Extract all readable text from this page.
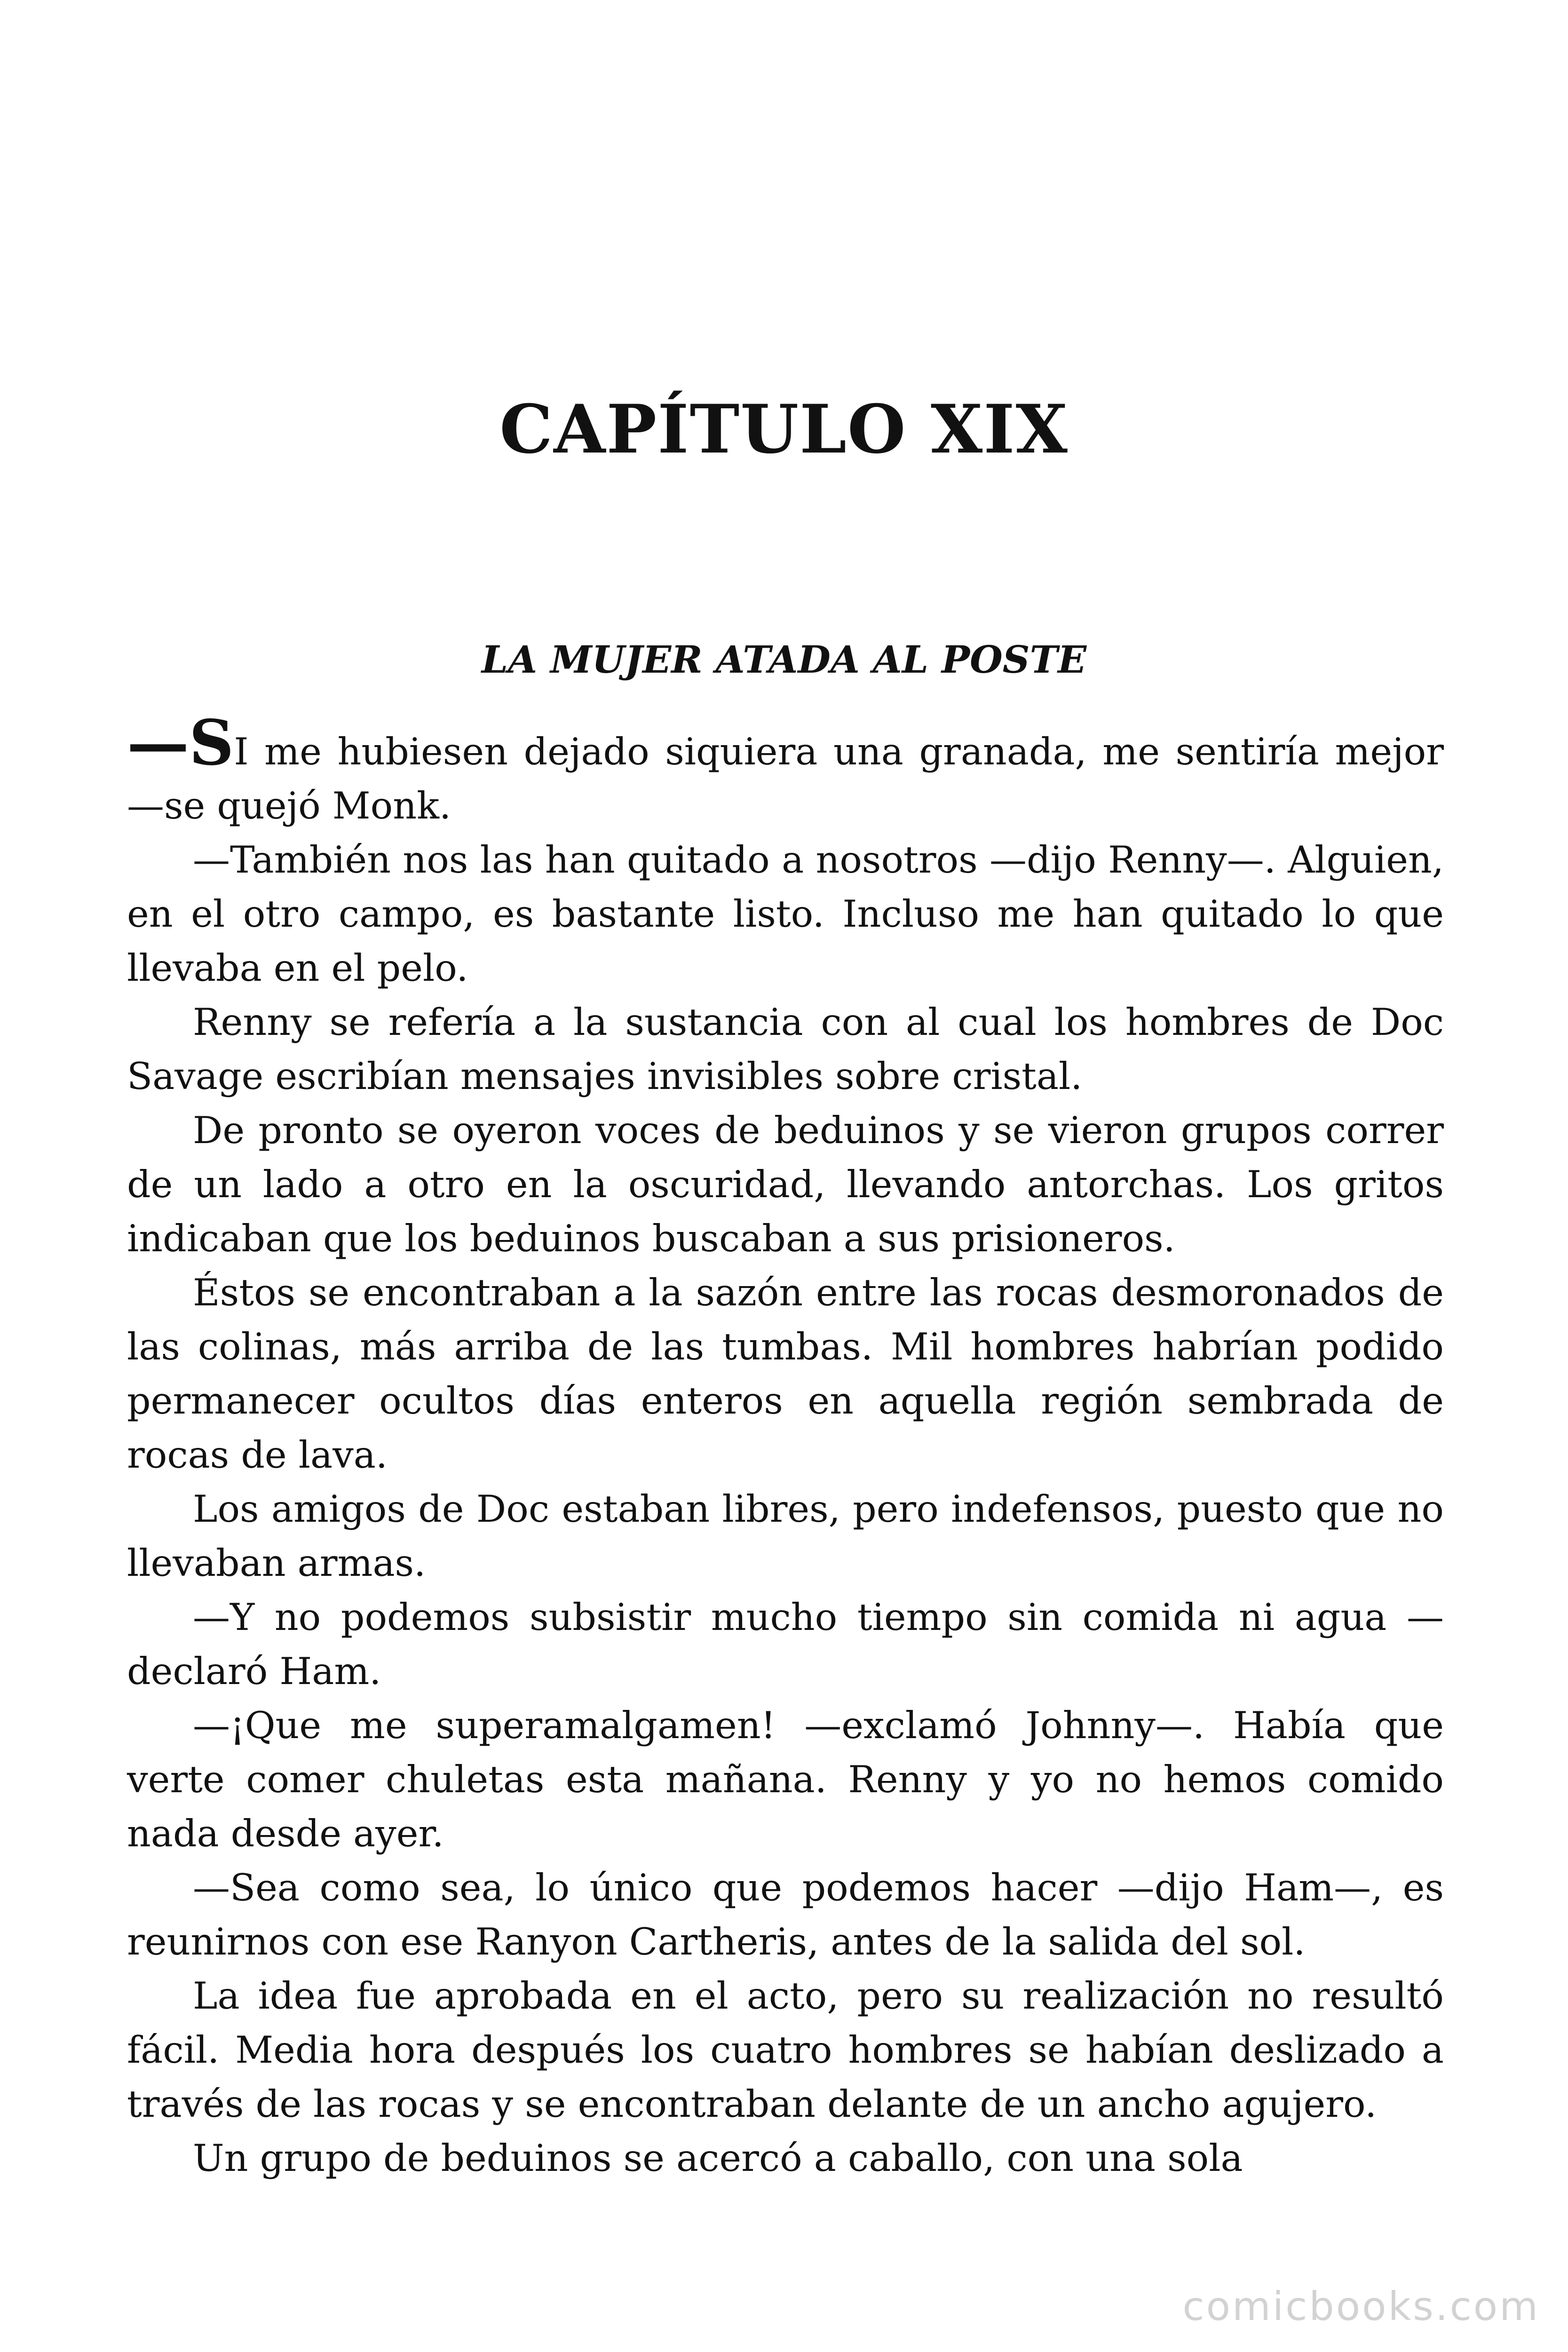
CAPÍTULO XIX
LA MUJER ATADA AL POSTE

—SI me hubiesen dejado siquiera una granada, me sentiría mejor —se quejó Monk.

—También nos las han quitado a nosotros —dijo Renny—. Alguien, en el otro campo, es bastante listo. Incluso me han quitado lo que llevaba en el pelo.

Renny se refería a la sustancia con al cual los hombres de Doc Savage escribían mensajes invisibles sobre cristal.

De pronto se oyeron voces de beduinos y se vieron grupos correr de un lado a otro en la oscuridad, llevando antorchas. Los gritos indicaban que los beduinos buscaban a sus prisioneros.

Éstos se encontraban a la sazón entre las rocas desmoronados de las colinas, más arriba de las tumbas. Mil hombres habrían podido permanecer ocultos días enteros en aquella región sembrada de rocas de lava.

Los amigos de Doc estaban libres, pero indefensos, puesto que no llevaban armas.

—Y no podemos subsistir mucho tiempo sin comida ni agua —declaró Ham.

—¡Que me superamalgamen! —exclamó Johnny—. Había que verte comer chuletas esta mañana. Renny y yo no hemos comido nada desde ayer.

—Sea como sea, lo único que podemos hacer —dijo Ham—, es reunirnos con ese Ranyon Cartheris, antes de la salida del sol.

La idea fue aprobada en el acto, pero su realización no resultó fácil. Media hora después los cuatro hombres se habían deslizado a través de las rocas y se encontraban delante de un ancho agujero.

Un grupo de beduinos se acercó a caballo, con una sola

comicbooks.com
